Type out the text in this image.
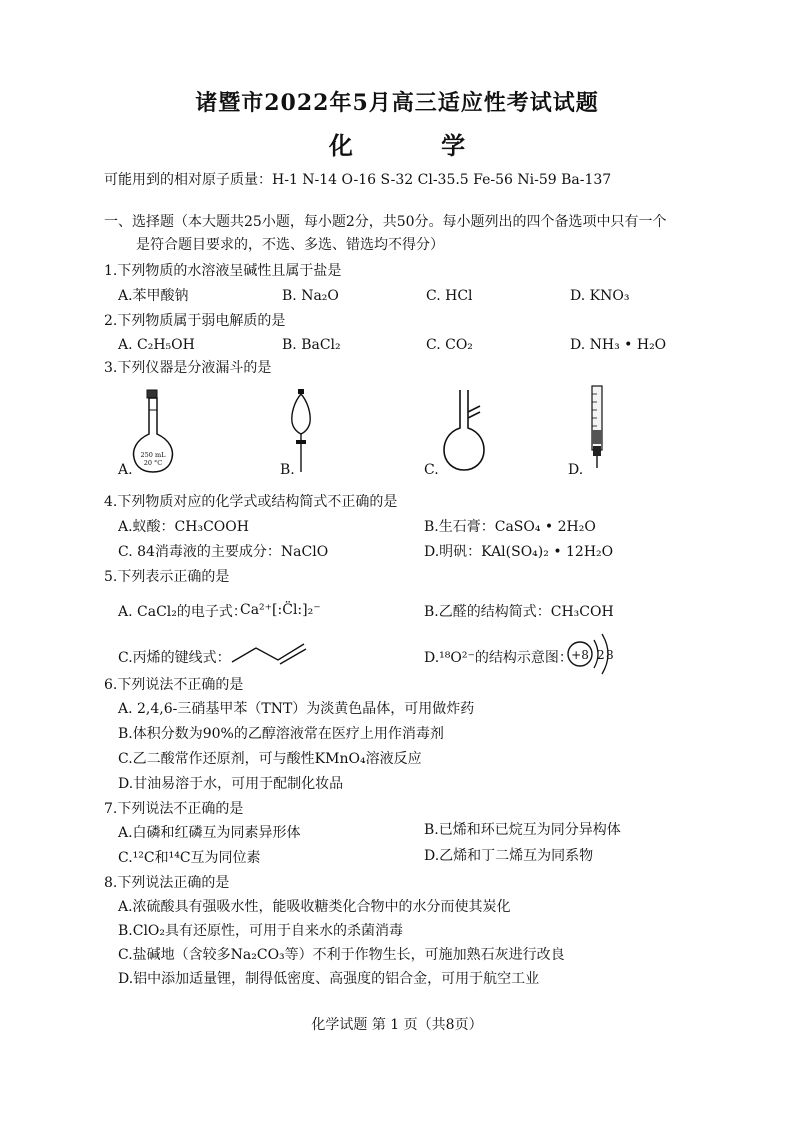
诸暨市2022年5月高三适应性考试试题
化 学
可能用到的相对原子质量：H-1 N-14 O-16 S-32 Cl-35.5 Fe-56 Ni-59 Ba-137
一、选择题（本大题共25小题，每小题2分，共50分。每小题列出的四个备选项中只有一个
是符合题目要求的，不选、多选、错选均不得分）
1.下列物质的水溶液呈碱性且属于盐是
A.苯甲酸钠	B. Na₂O	C. HCl	D. KNO₃
2.下列物质属于弱电解质的是
A. C₂H₅OH	B. BaCl₂	C. CO₂	D. NH₃ • H₂O
3.下列仪器是分液漏斗的是
250 mL
20 °C
A.	B.	C.	D.
4.下列物质对应的化学式或结构简式不正确的是
A.蚁酸：CH₃COOH	B.生石膏：CaSO₄ • 2H₂O
C. 84消毒液的主要成分：NaClO	D.明矾：KAl(SO₄)₂ • 12H₂O
5.下列表示正确的是
A. CaCl₂的电子式：
Ca²⁺[:C̈l:]₂⁻	B.乙醛的结构简式：CH₃COH
C.丙烯的键线式：	D.¹⁸O²⁻的结构示意图：
+8 2 8
6.下列说法不正确的是
A. 2,4,6-三硝基甲苯（TNT）为淡黄色晶体，可用做炸药
B.体积分数为90%的乙醇溶液常在医疗上用作消毒剂
C.乙二酸常作还原剂，可与酸性KMnO₄溶液反应
D.甘油易溶于水，可用于配制化妆品
7.下列说法不正确的是
A.白磷和红磷互为同素异形体	B.已烯和环已烷互为同分异构体
C.¹²C和¹⁴C互为同位素	D.乙烯和丁二烯互为同系物
8.下列说法正确的是
A.浓硫酸具有强吸水性，能吸收糖类化合物中的水分而使其炭化
B.ClO₂具有还原性，可用于自来水的杀菌消毒
C.盐碱地（含较多Na₂CO₃等）不利于作物生长，可施加熟石灰进行改良
D.铝中添加适量锂，制得低密度、高强度的铝合金，可用于航空工业
化学试题 第 1 页（共8页）
